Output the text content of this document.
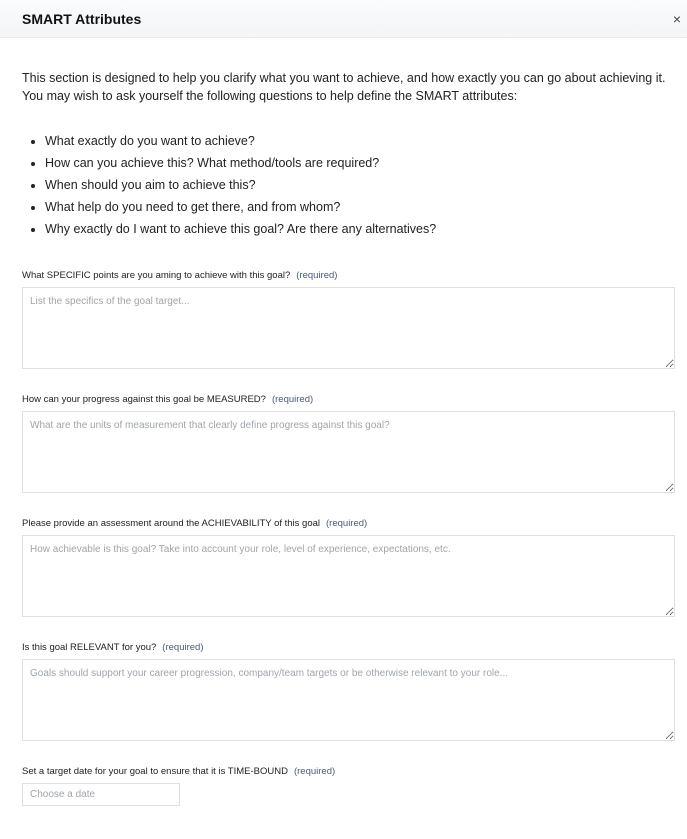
SMART Attributes	×

This section is designed to help you clarify what you want to achieve, and how exactly you can go about achieving it. You may wish to ask yourself the following questions to help define the SMART attributes:

• What exactly do you want to achieve?
• How can you achieve this? What method/tools are required?
• When should you aim to achieve this?
• What help do you need to get there, and from whom?
• Why exactly do I want to achieve this goal? Are there any alternatives?
What SPECIFIC points are you aming to achieve with this goal? (required)
List the specifics of the goal target...
How can your progress against this goal be MEASURED? (required)
What are the units of measurement that clearly define progress against this goal?
Please provide an assessment around the ACHIEVABILITY of this goal (required)
How achievable is this goal? Take into account your role, level of experience, expectations, etc.
Is this goal RELEVANT for you? (required)
Goals should support your career progression, company/team targets or be otherwise relevant to your role...
Set a target date for your goal to ensure that it is TIME-BOUND (required)
Choose a date
